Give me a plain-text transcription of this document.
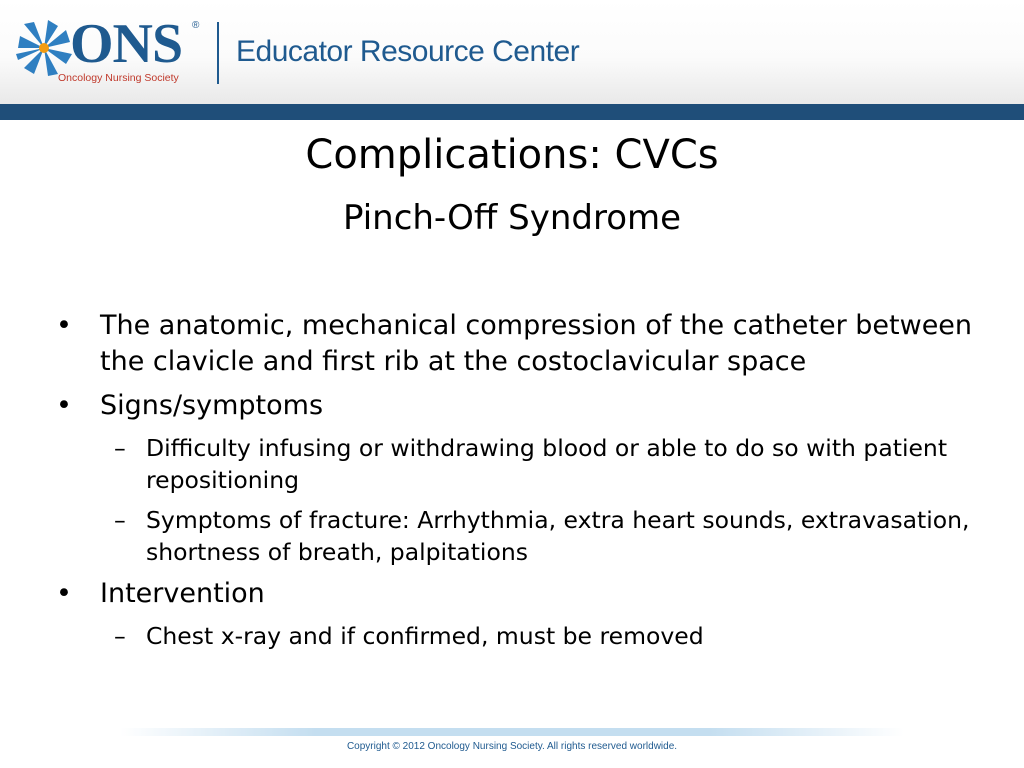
ONS ®
Oncology Nursing Society
Educator Resource Center
Complications: CVCs
Pinch-Off Syndrome
• The anatomic, mechanical compression of the catheter between the clavicle and first rib at the costoclavicular space
• Signs/symptoms
– Difficulty infusing or withdrawing blood or able to do so with patient repositioning
– Symptoms of fracture: Arrhythmia, extra heart sounds, extravasation, shortness of breath, palpitations
• Intervention
– Chest x-ray and if confirmed, must be removed
Copyright © 2012 Oncology Nursing Society. All rights reserved worldwide.
